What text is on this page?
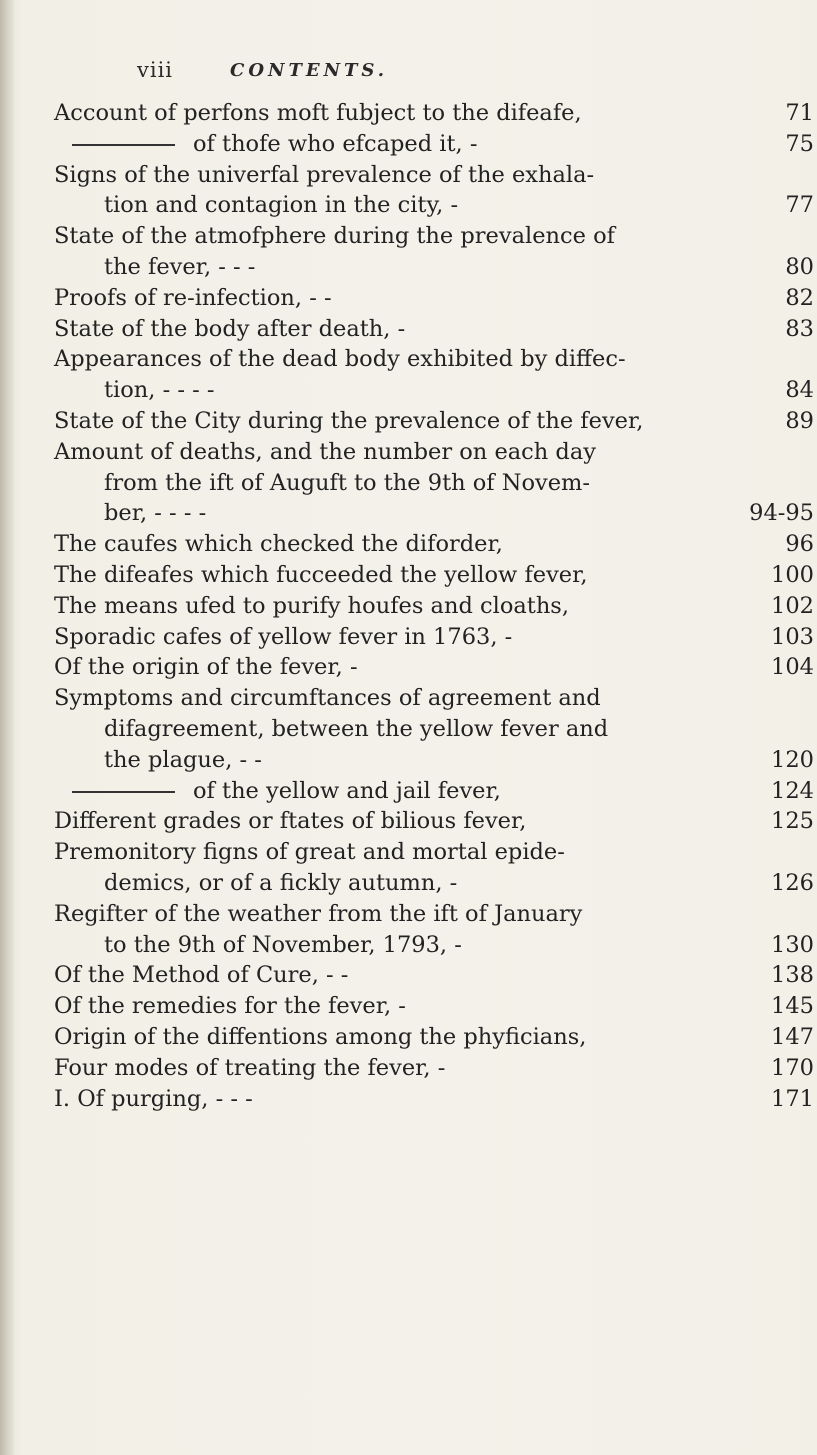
viii	CONTENTS.
Account of perfons moft fubject to the difeafe,	71
of thofe who efcaped it, -	75
Signs of the univerfal prevalence of the exhala-
tion and contagion in the city, -	77
State of the atmofphere during the prevalence of
the fever, - - -	80
Proofs of re-infection, - -	82
State of the body after death, -	83
Appearances of the dead body exhibited by diffec-
tion, - - - -	84
State of the City during the prevalence of the fever,	89
Amount of deaths, and the number on each day
from the ift of Auguft to the 9th of Novem-
ber, - - - -	94-95
The caufes which checked the diforder,	96
The difeafes which fucceeded the yellow fever,	100
The means ufed to purify houfes and cloaths,	102
Sporadic cafes of yellow fever in 1763, -	103
Of the origin of the fever, -	104
Symptoms and circumftances of agreement and
difagreement, between the yellow fever and
the plague, - -	120
of the yellow and jail fever,	124
Different grades or ftates of bilious fever,	125
Premonitory figns of great and mortal epide-
demics, or of a fickly autumn, -	126
Regifter of the weather from the ift of January
to the 9th of November, 1793, -	130
Of the Method of Cure, - -	138
Of the remedies for the fever, -	145
Origin of the diffentions among the phyficians,	147
Four modes of treating the fever, -	170
I. Of purging, - - -	171
